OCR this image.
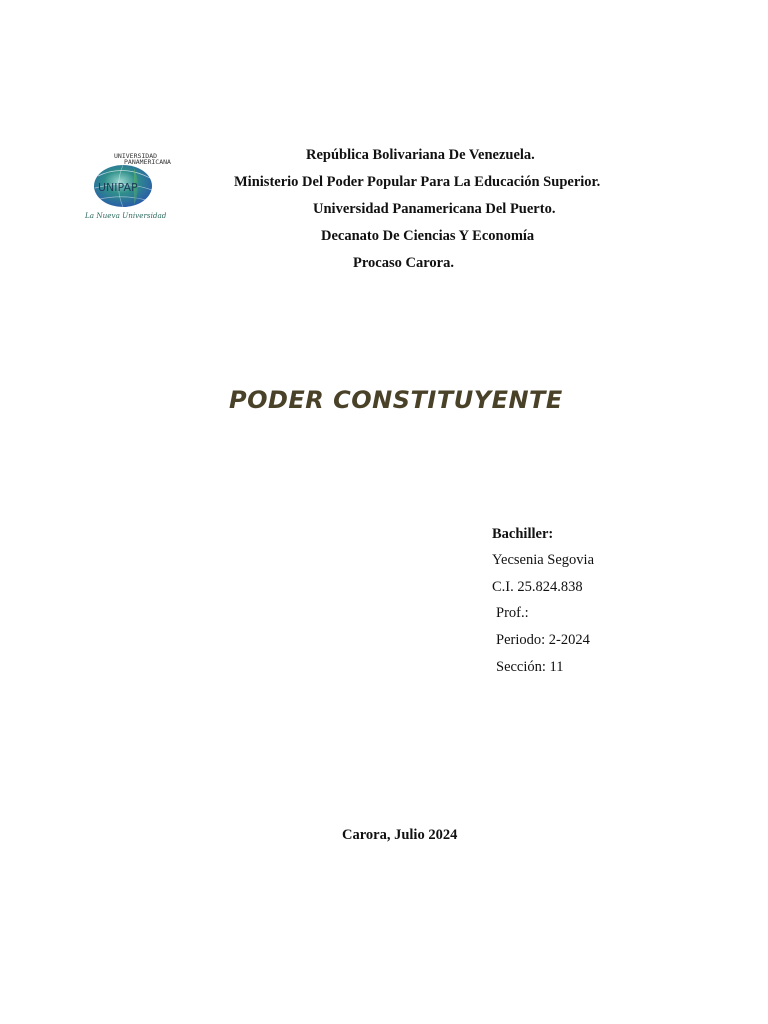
UNIVERSIDAD
PANAMERICANA
UNIPAP
La Nueva Universidad
República Bolivariana De Venezuela.
Ministerio Del Poder Popular Para La Educación Superior.
Universidad Panamericana Del Puerto.
Decanato De Ciencias Y Economía
Procaso Carora.
PODER CONSTITUYENTE
Bachiller:
Yecsenia Segovia
C.I. 25.824.838
Prof.:
Periodo: 2-2024
Sección: 11
Carora, Julio 2024
